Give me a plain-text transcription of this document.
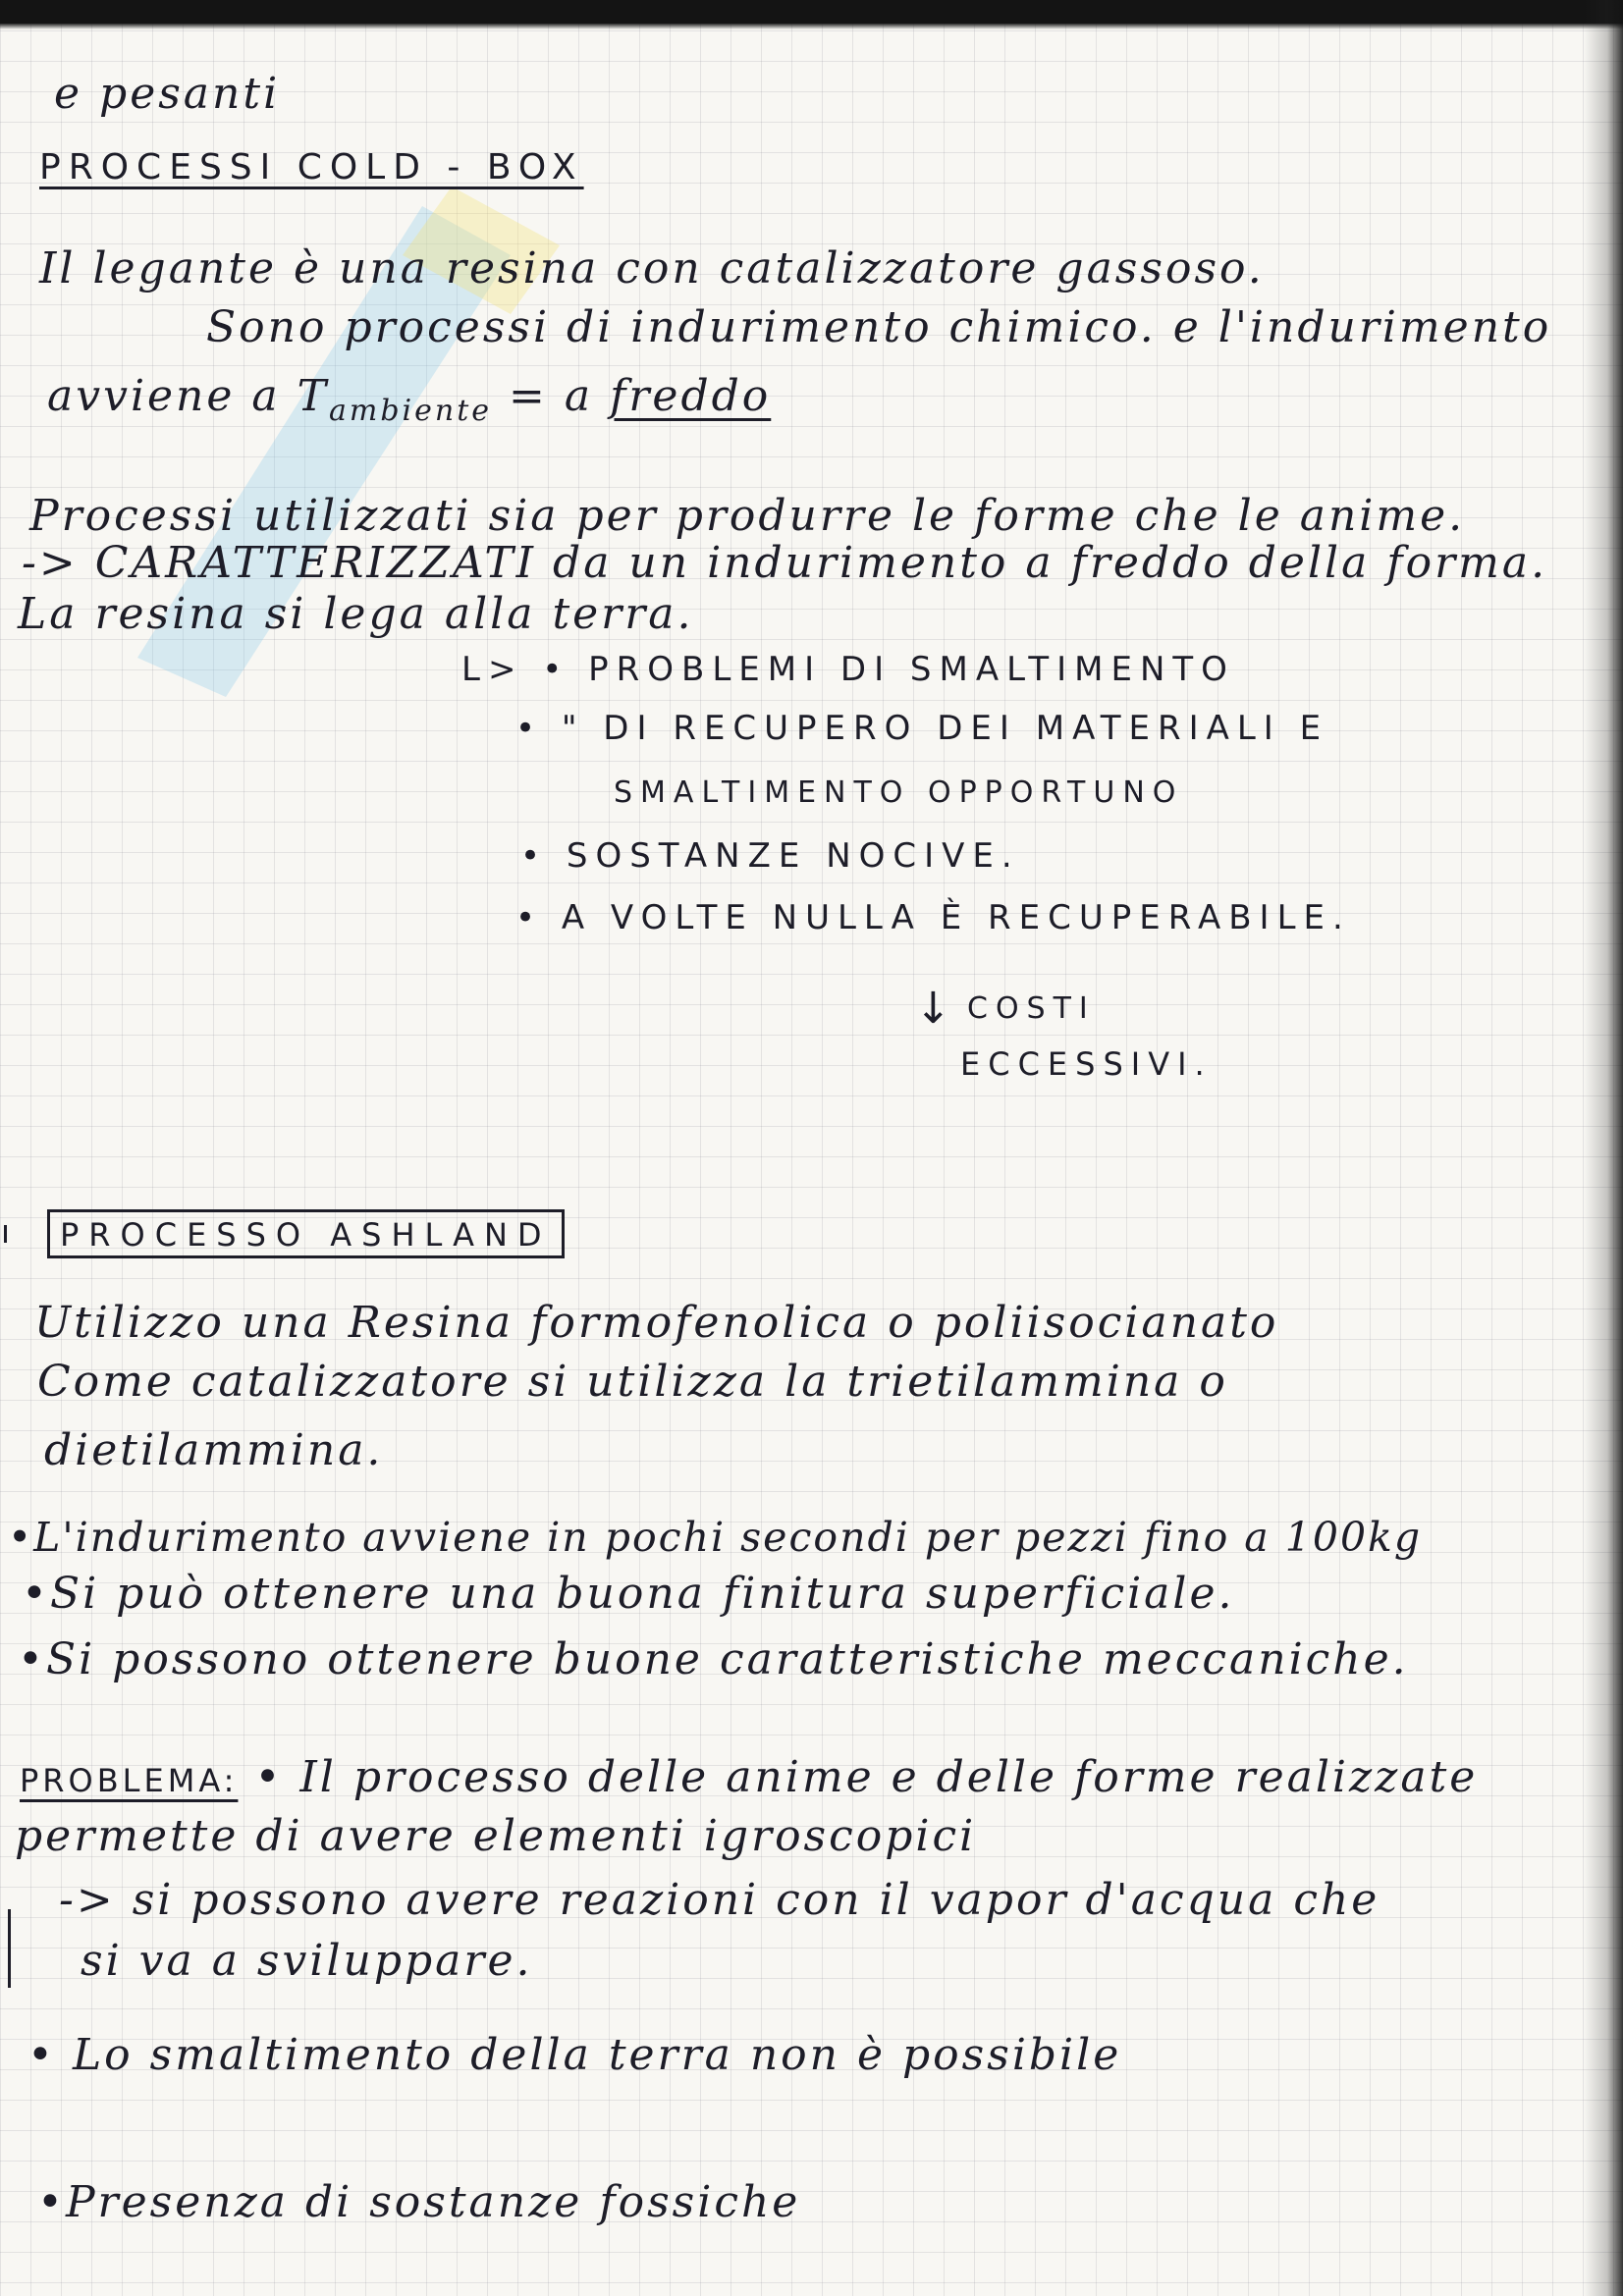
e pesanti
PROCESSI COLD - BOX
Il legante è una resina con catalizzatore gassoso.
Sono processi di indurimento chimico. e l'indurimento
avviene a $T_{ambiente} = a$ freddo
Processi utilizzati sia per produrre le forme che le anime.
-> CARATTERIZZATI da un indurimento a freddo della forma.
La resina si lega alla terra.
L> • PROBLEMI DI SMALTIMENTO
• " DI RECUPERO DEI MATERIALI E
SMALTIMENTO OPPORTUNO
• SOSTANZE NOCIVE.
• A VOLTE NULLA È RECUPERABILE.
↓ COSTI
ECCESSIVI.
PROCESSO ASHLAND
Utilizzo una Resina formofenolica o poliisocianato
Come catalizzatore si utilizza la trietilammina o
dietilammina.
•L'indurimento avviene in pochi secondi per pezzi fino a 100kg
•Si può ottenere una buona finitura superficiale.
•Si possono ottenere buone caratteristiche meccaniche.
PROBLEMA: • Il processo delle anime e delle forme realizzate
permette di avere elementi igroscopici
-> si possono avere reazioni con il vapor d'acqua che
si va a sviluppare.
• Lo smaltimento della terra non è possibile
•Presenza di sostanze fossiche
